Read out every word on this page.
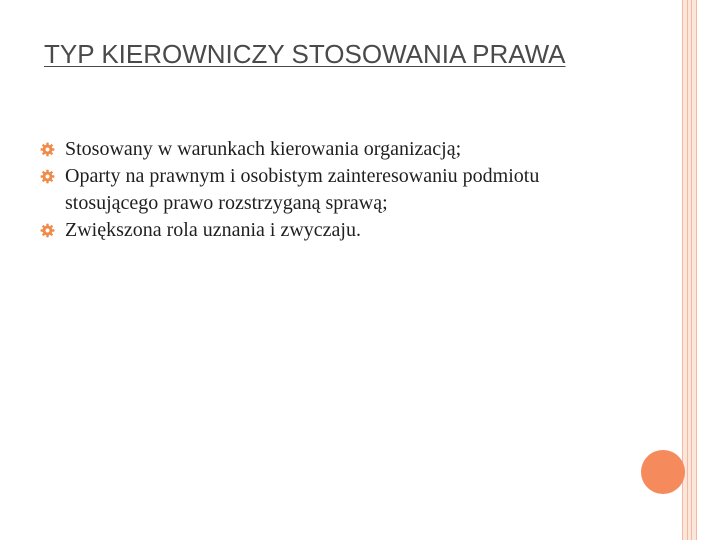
TYP KIEROWNICZY STOSOWANIA PRAWA
Stosowany w warunkach kierowania organizacją;
Oparty na prawnym i osobistym zainteresowaniu podmiotu stosującego prawo rozstrzyganą sprawą;
Zwiększona rola uznania i zwyczaju.
